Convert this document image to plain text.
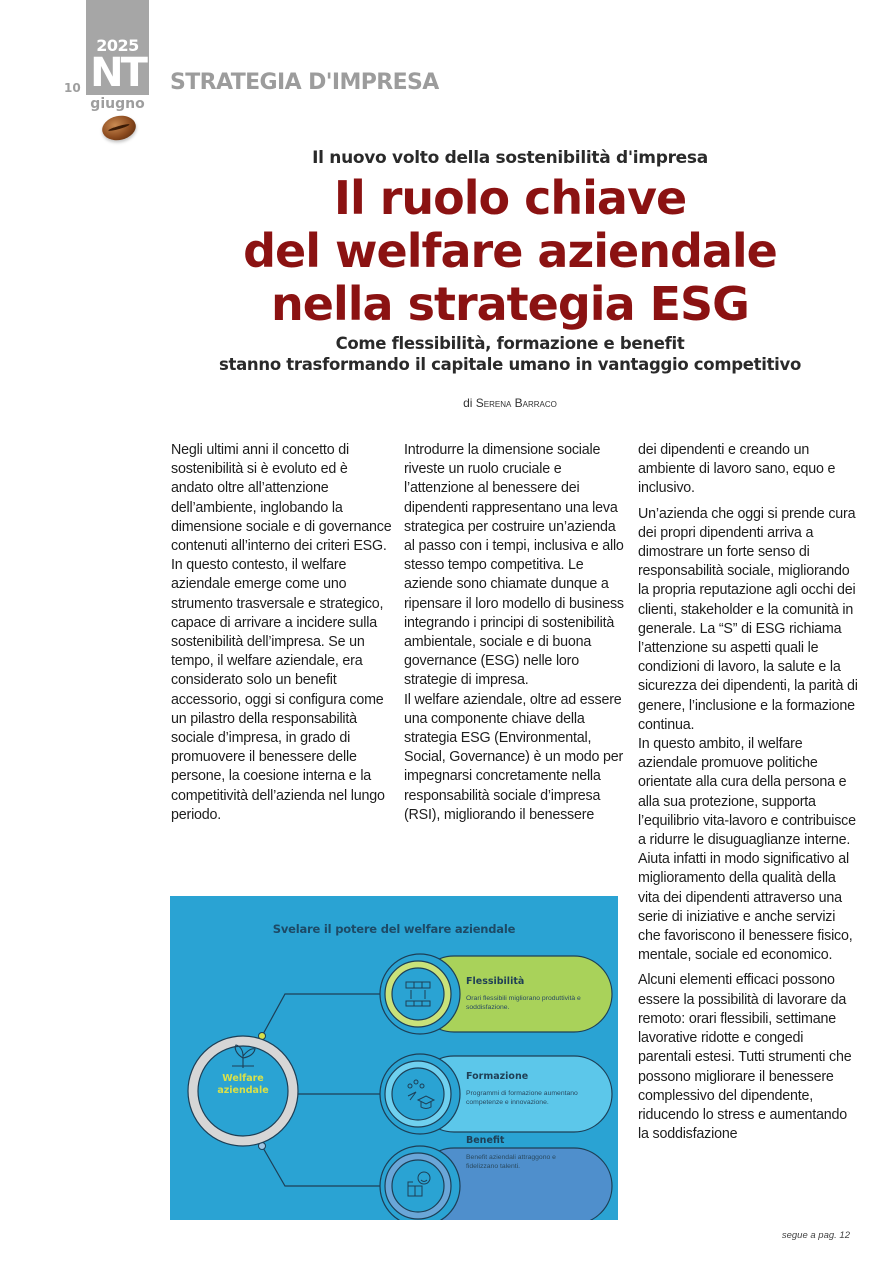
2025
NT
10
giugno
STRATEGIA D'IMPRESA
Il nuovo volto della sostenibilità d'impresa
Il ruolo chiave
del welfare aziendale
nella strategia ESG
Come flessibilità, formazione e benefit
stanno trasformando il capitale umano in vantaggio competitivo
di Serena Barraco

Negli ultimi anni il concetto di sostenibilità si è evoluto ed è andato oltre all’attenzione dell’ambiente, inglobando la dimensione sociale e di governance contenuti all’interno dei criteri ESG. In questo contesto, il welfare aziendale emerge come uno strumento trasversale e strategico, capace di arrivare a incidere sulla sostenibilità dell’impresa. Se un tempo, il welfare aziendale, era considerato solo un benefit accessorio, oggi si configura come un pilastro della responsabilità sociale d’impresa, in grado di promuovere il benessere delle persone, la coesione interna e la competitività dell’azienda nel lungo periodo.

Introdurre la dimensione sociale riveste un ruolo cruciale e l’attenzione al benessere dei dipendenti rappresentano una leva strategica per costruire un’azienda al passo con i tempi, inclusiva e allo stesso tempo competitiva. Le aziende sono chiamate dunque a ripensare il loro modello di business integrando i principi di sostenibilità ambientale, sociale e di buona governance (ESG) nelle loro strategie di impresa.

Il welfare aziendale, oltre ad essere una componente chiave della strategia ESG (Environmental, Social, Governance) è un modo per impegnarsi concretamente nella responsabilità sociale d’impresa (RSI), migliorando il benessere

dei dipendenti e creando un ambiente di lavoro sano, equo e inclusivo.

Un’azienda che oggi si prende cura dei propri dipendenti arriva a dimostrare un forte senso di responsabilità sociale, migliorando la propria reputazione agli occhi dei clienti, stakeholder e la comunità in generale. La “S” di ESG richiama l’attenzione su aspetti quali le condizioni di lavoro, la salute e la sicurezza dei dipendenti, la parità di genere, l’inclusione e la formazione continua.

In questo ambito, il welfare aziendale promuove politiche orientate alla cura della persona e alla sua protezione, supporta l’equilibrio vita-lavoro e contribuisce a ridurre le disuguaglianze interne. Aiuta infatti in modo significativo al miglioramento della qualità della vita dei dipendenti attraverso una serie di iniziative e anche servizi che favoriscono il benessere fisico, mentale, sociale ed economico.

Alcuni elementi efficaci possono essere la possibilità di lavorare da remoto: orari flessibili, settimane lavorative ridotte e congedi parentali estesi. Tutti strumenti che possono migliorare il benessere complessivo del dipendente, riducendo lo stress e aumentando la soddisfazione

segue a pag. 12
Svelare il potere del welfare aziendale
Welfare
aziendale
Flessibilità
Orari flessibili migliorano produttività e soddisfazione.
Formazione
Programmi di formazione aumentano competenze e innovazione.
Benefit
Benefit aziendali attraggono e fidelizzano talenti.
